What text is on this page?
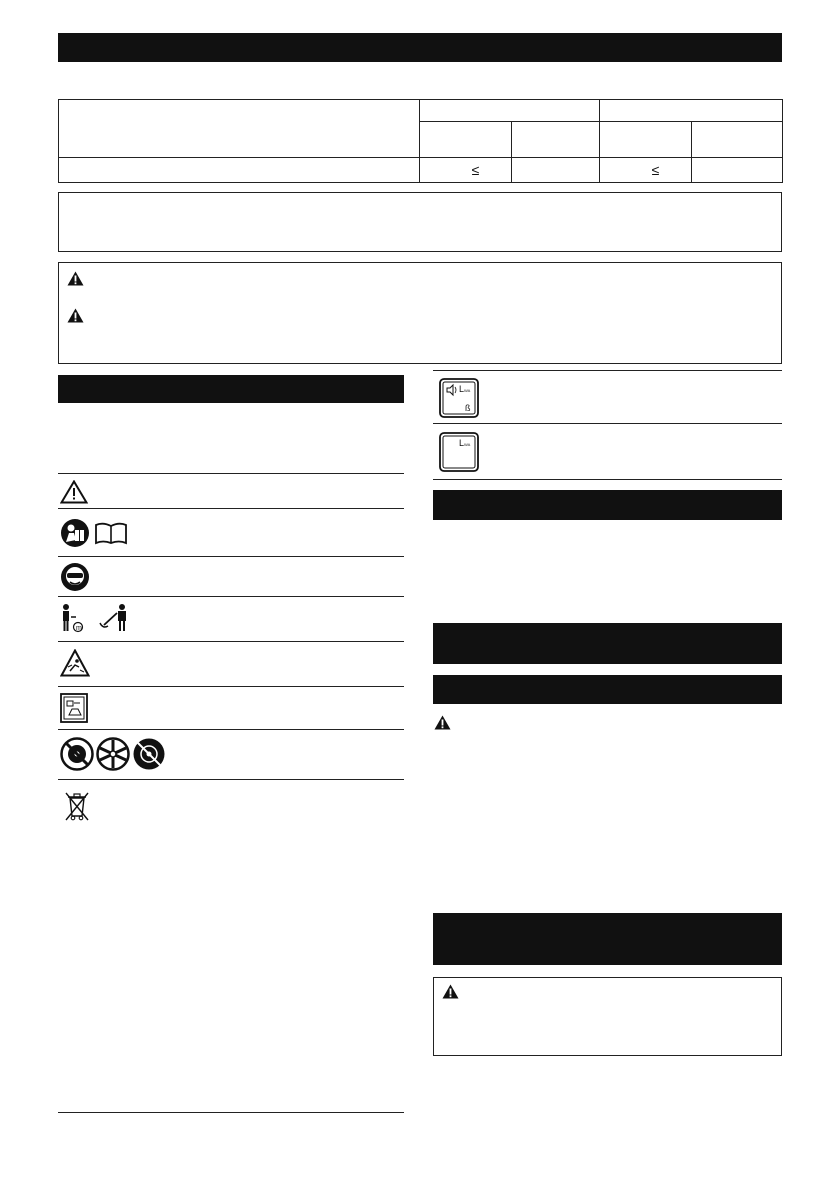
	≤		≤	
m
L WA
ß
L WA
